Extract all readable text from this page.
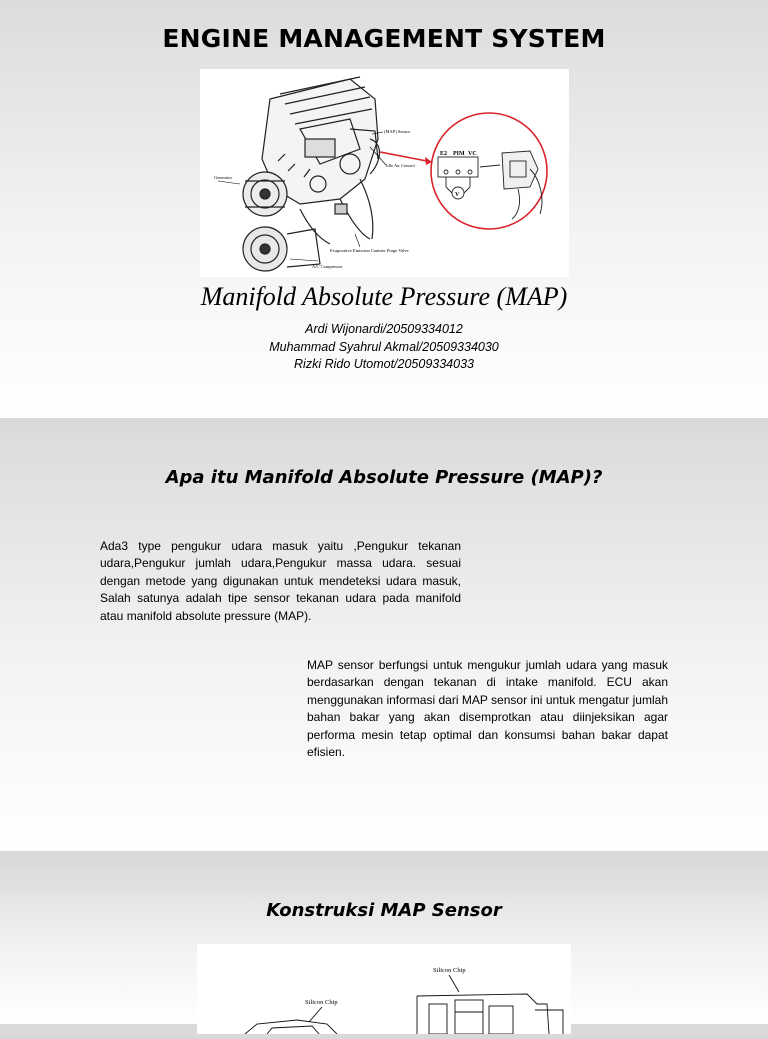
ENGINE MANAGEMENT SYSTEM
(MAP) Sensor
Idle Air Control
Generator
Evaporative Emission Canister Purge Valve
A/C Compressor
E2 PIM VC
V
Manifold Absolute Pressure (MAP)
Ardi Wijonardi/20509334012
Muhammad Syahrul Akmal/20509334030
Rizki Rido Utomot/20509334033
Apa itu Manifold Absolute Pressure (MAP)?
Ada3 type pengukur udara masuk yaitu ,Pengukur tekanan udara,Pengukur jumlah udara,Pengukur massa udara. sesuai dengan metode yang digunakan untuk mendeteksi udara masuk, Salah satunya adalah tipe sensor tekanan udara pada manifold atau manifold absolute pressure (MAP).
MAP sensor berfungsi untuk mengukur jumlah udara yang masuk berdasarkan dengan tekanan di intake manifold. ECU akan menggunakan informasi dari MAP sensor ini untuk mengatur jumlah bahan bakar yang akan disemprotkan atau diinjeksikan agar performa mesin tetap optimal dan konsumsi bahan bakar dapat efisien.
Konstruksi MAP Sensor
Silicon Chip
Silicon Chip
